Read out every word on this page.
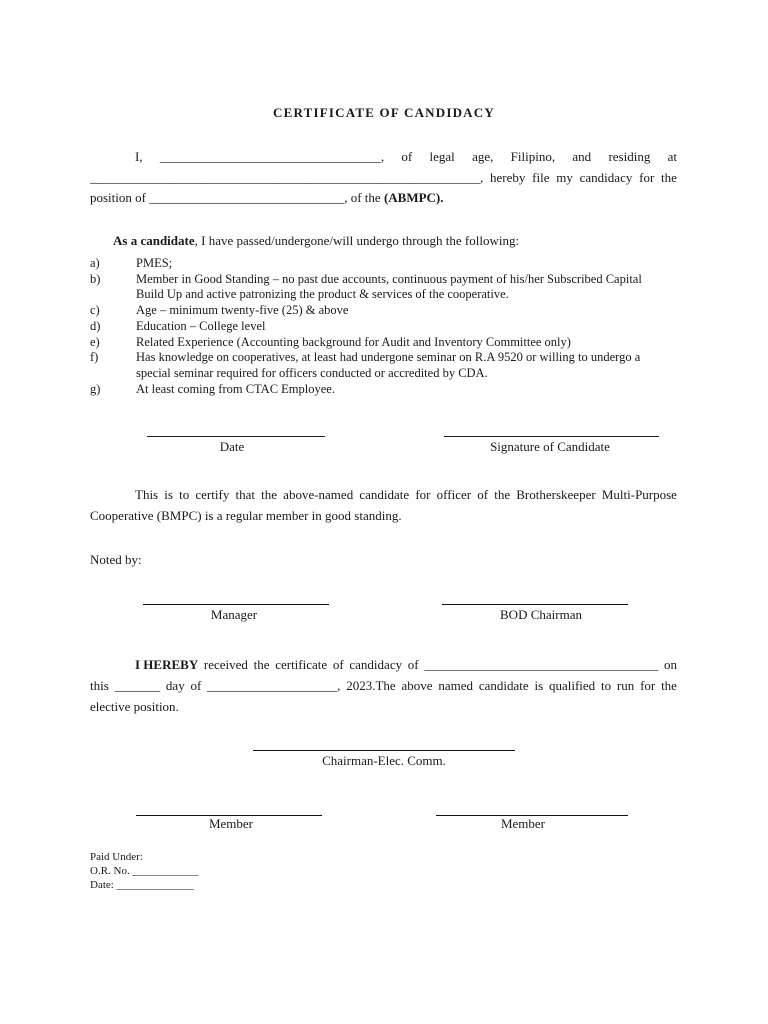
CERTIFICATE OF CANDIDACY
I, __________________________________, of legal age, Filipino, and residing at
____________________________________________________________, hereby file my candidacy for the
position of ______________________________, of the (ABMPC).
As a candidate, I have passed/undergone/will undergo through the following:
a)	PMES;
b)	Member in Good Standing – no past due accounts, continuous payment of his/her Subscribed Capital Build Up and active patronizing the product & services of the cooperative.
c)	Age – minimum twenty-five (25) & above
d)	Education – College level
e)	Related Experience (Accounting background for Audit and Inventory Committee only)
f)	Has knowledge on cooperatives, at least had undergone seminar on R.A 9520 or willing to undergo a special seminar required for officers conducted or accredited by CDA.
g)	At least coming from CTAC Employee.
Date	Signature of Candidate
This is to certify that the above-named candidate for officer of the Brotherskeeper Multi-Purpose
Cooperative (BMPC) is a regular member in good standing.
Noted by:
Manager	BOD Chairman
I HEREBY received the certificate of candidacy of ____________________________________ on
this _______ day of ____________________, 2023.The above named candidate is qualified to run for the
elective position.
Chairman-Elec. Comm.
Member	Member
Paid Under:
O.R. No. ____________
Date: ______________
